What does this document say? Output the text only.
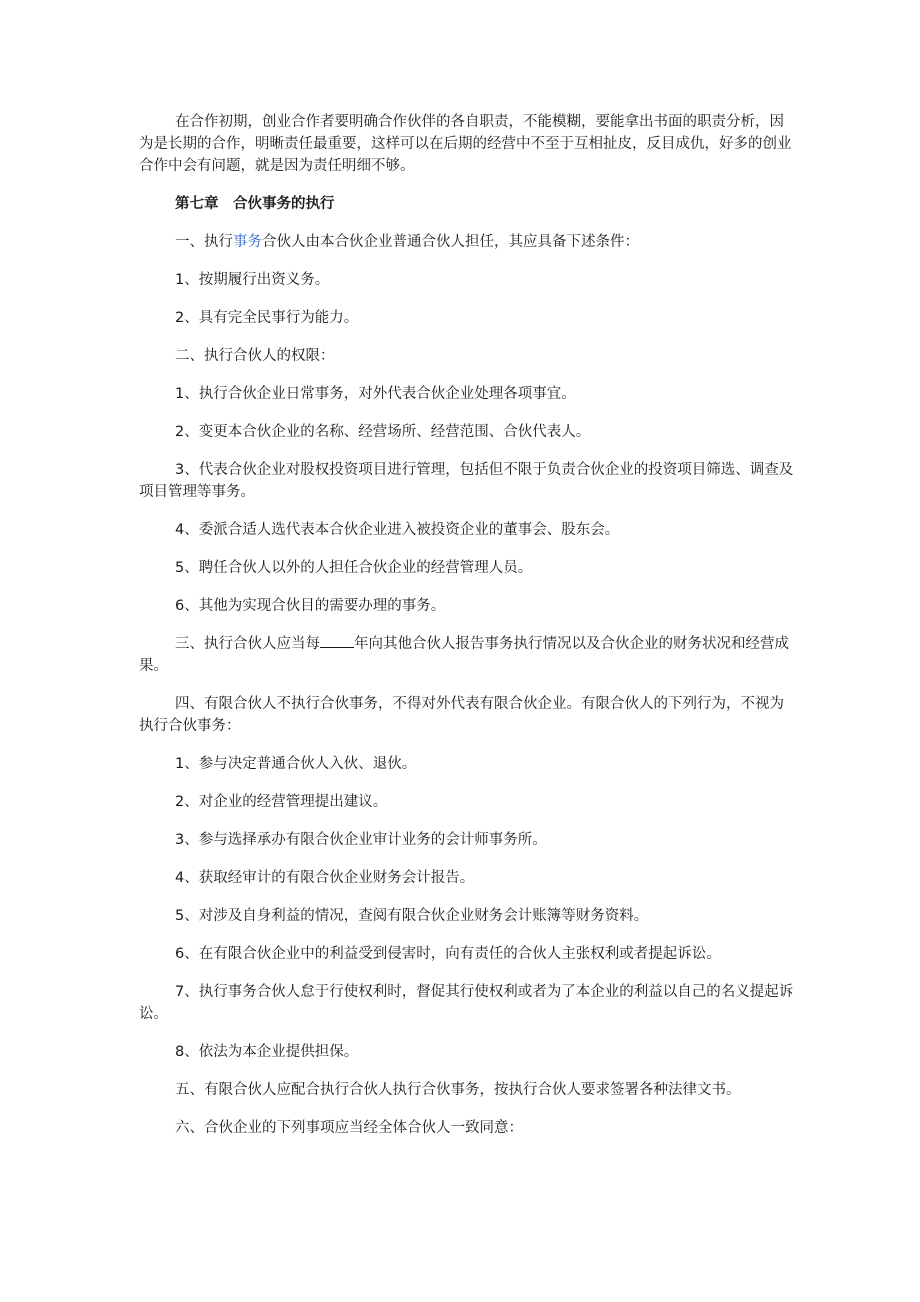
在合作初期，创业合作者要明确合作伙伴的各自职责，不能模糊，要能拿出书面的职责分析，因为是长期的合作，明晰责任最重要，这样可以在后期的经营中不至于互相扯皮，反目成仇，好多的创业合作中会有问题，就是因为责任明细不够。

第七章　合伙事务的执行

一、执行事务合伙人由本合伙企业普通合伙人担任，其应具备下述条件：

1、按期履行出资义务。

2、具有完全民事行为能力。

二、执行合伙人的权限：

1、执行合伙企业日常事务，对外代表合伙企业处理各项事宜。

2、变更本合伙企业的名称、经营场所、经营范围、合伙代表人。

3、代表合伙企业对股权投资项目进行管理，包括但不限于负责合伙企业的投资项目筛选、调查及项目管理等事务。

4、委派合适人选代表本合伙企业进入被投资企业的董事会、股东会。

5、聘任合伙人以外的人担任合伙企业的经营管理人员。

6、其他为实现合伙目的需要办理的事务。

三、执行合伙人应当每 年向其他合伙人报告事务执行情况以及合伙企业的财务状况和经营成果。

四、有限合伙人不执行合伙事务，不得对外代表有限合伙企业。有限合伙人的下列行为，不视为执行合伙事务：

1、参与决定普通合伙人入伙、退伙。

2、对企业的经营管理提出建议。

3、参与选择承办有限合伙企业审计业务的会计师事务所。

4、获取经审计的有限合伙企业财务会计报告。

5、对涉及自身利益的情况，查阅有限合伙企业财务会计账簿等财务资料。

6、在有限合伙企业中的利益受到侵害时，向有责任的合伙人主张权利或者提起诉讼。

7、执行事务合伙人怠于行使权利时，督促其行使权利或者为了本企业的利益以自己的名义提起诉讼。

8、依法为本企业提供担保。

五、有限合伙人应配合执行合伙人执行合伙事务，按执行合伙人要求签署各种法律文书。

六、合伙企业的下列事项应当经全体合伙人一致同意：
